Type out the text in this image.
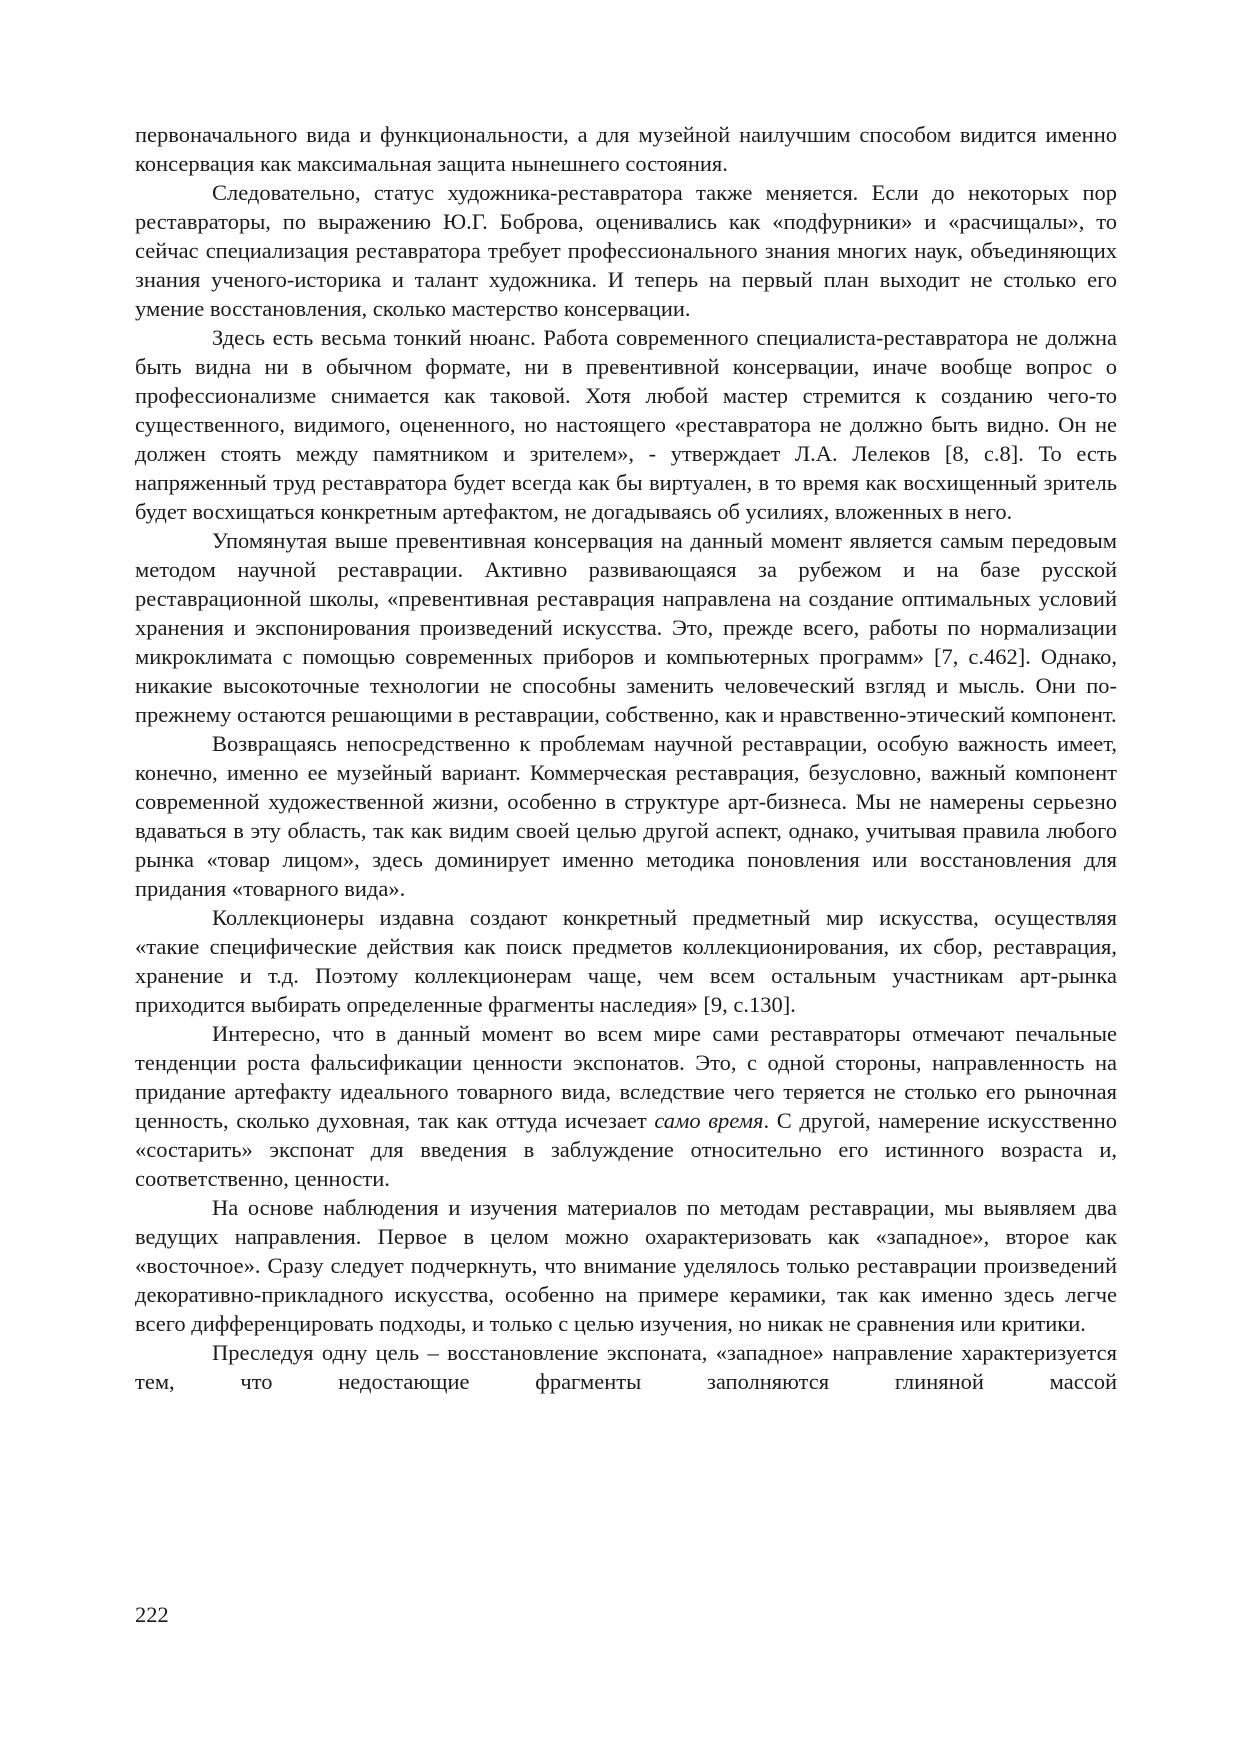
первоначального вида и функциональности, а для музейной наилучшим способом видится именно консервация как максимальная защита нынешнего состояния.

Следовательно, статус художника-реставратора также меняется. Если до некоторых пор реставраторы, по выражению Ю.Г. Боброва, оценивались как «подфурники» и «расчищалы», то сейчас специализация реставратора требует профессионального знания многих наук, объединяющих знания ученого-историка и талант художника. И теперь на первый план выходит не столько его умение восстановления, сколько мастерство консервации.

Здесь есть весьма тонкий нюанс. Работа современного специалиста-реставратора не должна быть видна ни в обычном формате, ни в превентивной консервации, иначе вообще вопрос о профессионализме снимается как таковой. Хотя любой мастер стремится к созданию чего-то существенного, видимого, оцененного, но настоящего «реставратора не должно быть видно. Он не должен стоять между памятником и зрителем», - утверждает Л.А. Лелеков [8, с.8]. То есть напряженный труд реставратора будет всегда как бы виртуален, в то время как восхищенный зритель будет восхищаться конкретным артефактом, не догадываясь об усилиях, вложенных в него.

Упомянутая выше превентивная консервация на данный момент является самым передовым методом научной реставрации. Активно развивающаяся за рубежом и на базе русской реставрационной школы, «превентивная реставрация направлена на создание оптимальных условий хранения и экспонирования произведений искусства. Это, прежде всего, работы по нормализации микроклимата с помощью современных приборов и компьютерных программ» [7, с.462]. Однако, никакие высокоточные технологии не способны заменить человеческий взгляд и мысль. Они по-прежнему остаются решающими в реставрации, собственно, как и нравственно-этический компонент.

Возвращаясь непосредственно к проблемам научной реставрации, особую важность имеет, конечно, именно ее музейный вариант. Коммерческая реставрация, безусловно, важный компонент современной художественной жизни, особенно в структуре арт-бизнеса. Мы не намерены серьезно вдаваться в эту область, так как видим своей целью другой аспект, однако, учитывая правила любого рынка «товар лицом», здесь доминирует именно методика поновления или восстановления для придания «товарного вида».

Коллекционеры издавна создают конкретный предметный мир искусства, осуществляя «такие специфические действия как поиск предметов коллекционирования, их сбор, реставрация, хранение и т.д. Поэтому коллекционерам чаще, чем всем остальным участникам арт-рынка приходится выбирать определенные фрагменты наследия» [9, с.130].

Интересно, что в данный момент во всем мире сами реставраторы отмечают печальные тенденции роста фальсификации ценности экспонатов. Это, с одной стороны, направленность на придание артефакту идеального товарного вида, вследствие чего теряется не столько его рыночная ценность, сколько духовная, так как оттуда исчезает само время. С другой, намерение искусственно «состарить» экспонат для введения в заблуждение относительно его истинного возраста и, соответственно, ценности.

На основе наблюдения и изучения материалов по методам реставрации, мы выявляем два ведущих направления. Первое в целом можно охарактеризовать как «западное», второе как «восточное». Сразу следует подчеркнуть, что внимание уделялось только реставрации произведений декоративно-прикладного искусства, особенно на примере керамики, так как именно здесь легче всего дифференцировать подходы, и только с целью изучения, но никак не сравнения или критики.

Преследуя одну цель – восстановление экспоната, «западное» направление характеризуется тем, что недостающие фрагменты заполняются глиняной массой

222
